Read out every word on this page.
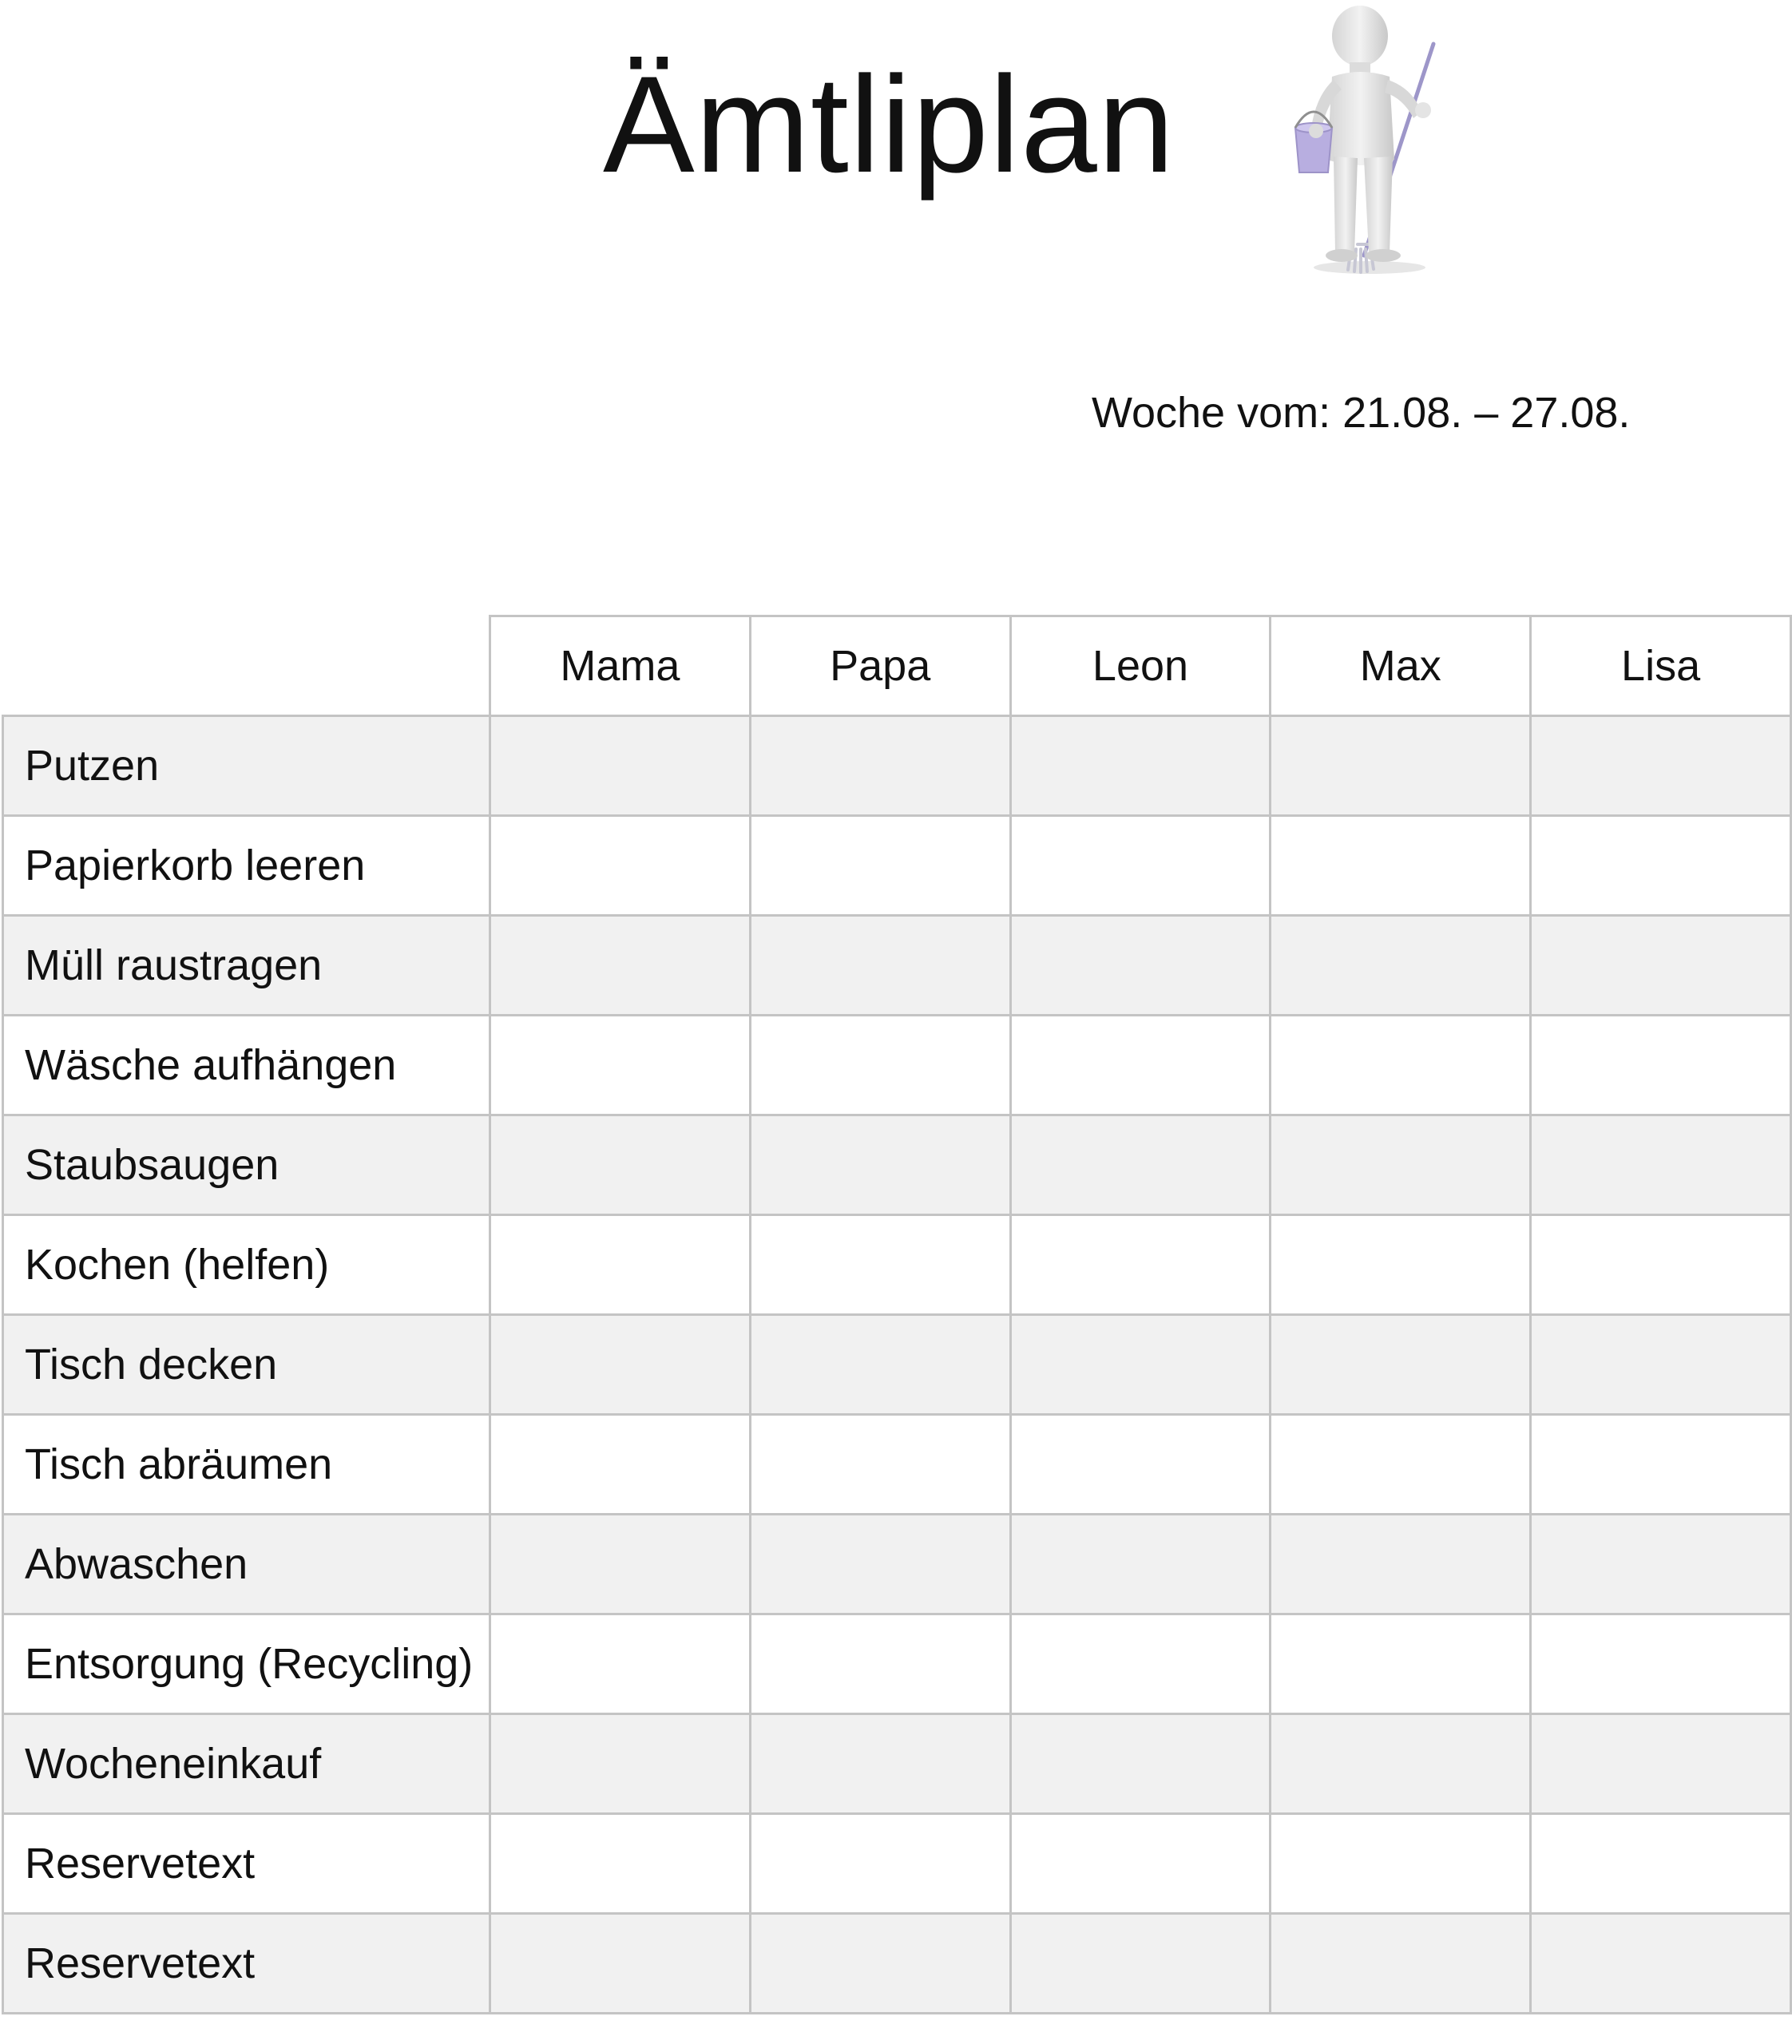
Ämtliplan
Woche vom: 21.08. – 27.08.
	Mama	Papa	Leon	Max	Lisa
Putzen					
Papierkorb leeren					
Müll raustragen					
Wäsche aufhängen					
Staubsaugen					
Kochen (helfen)					
Tisch decken					
Tisch abräumen					
Abwaschen					
Entsorgung (Recycling)					
Wocheneinkauf					
Reservetext					
Reservetext					
